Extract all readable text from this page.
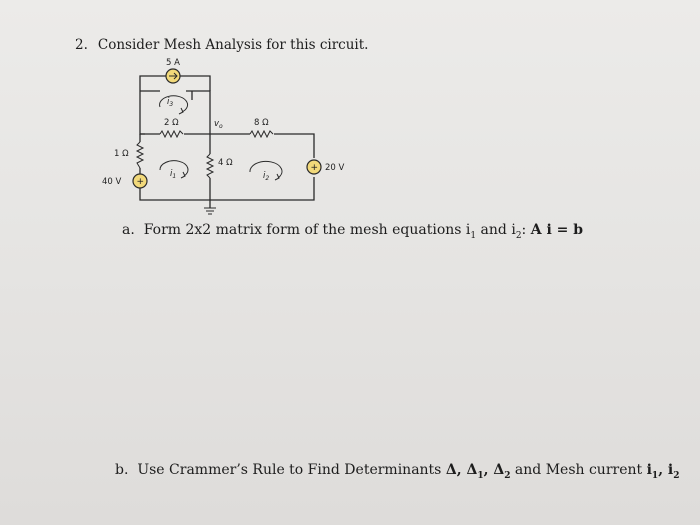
2. Consider Mesh Analysis for this circuit.
5 A
$i_3$
2 Ω	$v_o$	8 Ω
1 Ω
+
40 V
$i_1$
4 Ω
$i_2$
+ 20 V
a. Form 2x2 matrix form of the mesh equations $i_1$ and $i_2$: A i = b
b. Use Crammer’s Rule to Find Determinants Δ, $\Delta_1$, $\Delta_2$ and Mesh current $i_1$, $i_2$
